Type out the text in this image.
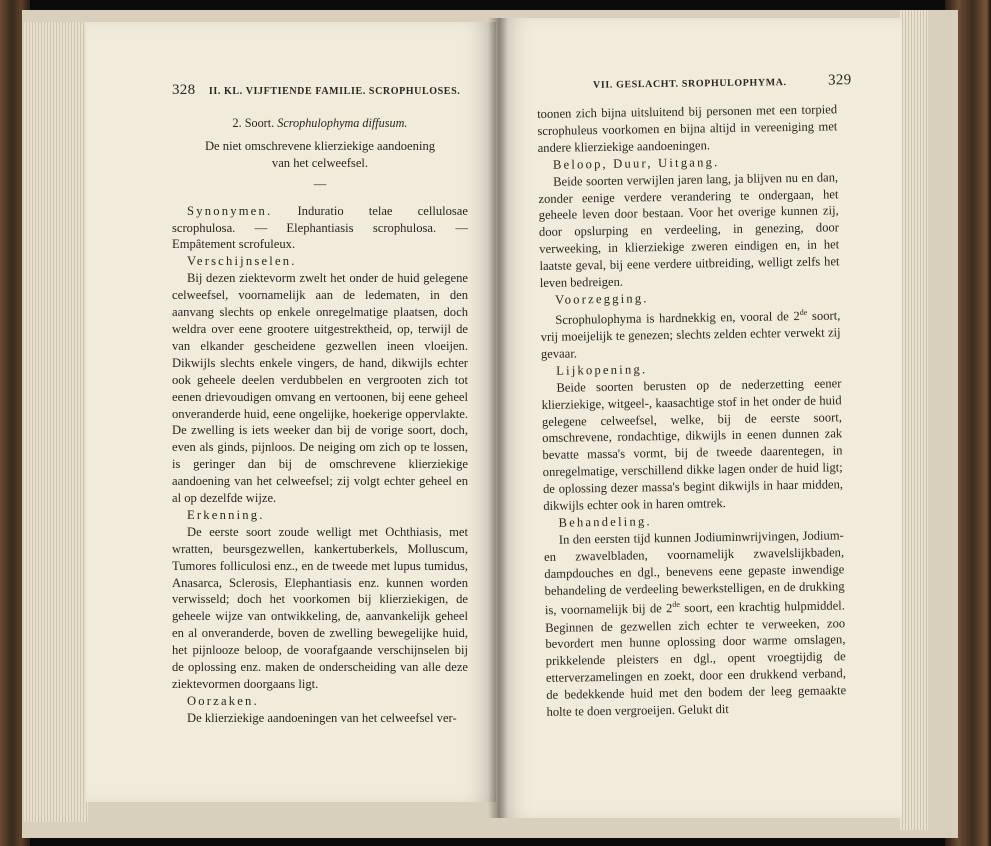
328 II. KL. VIJFTIENDE FAMILIE. SCROPHULOSES.

2. Soort. Scrophulophyma diffusum.

De niet omschrevene klierziekige aandoening

van het celweefsel.

—

Synonymen. Induratio telae cellulosae scrophulosa. — Elephantiasis scrophulosa. — Empâtement scrofuleux.

Verschijnselen.

Bij dezen ziektevorm zwelt het onder de huid gelegene celweefsel, voornamelijk aan de ledematen, in den aanvang slechts op enkele onregelmatige plaatsen, doch weldra over eene grootere uitgestrektheid, op, terwijl de van elkander gescheidene gezwellen ineen vloeijen. Dikwijls slechts enkele vingers, de hand, dikwijls echter ook geheele deelen verdubbelen en vergrooten zich tot eenen drievoudigen omvang en vertoonen, bij eene geheel onveranderde huid, eene ongelijke, hoekerige oppervlakte. De zwelling is iets weeker dan bij de vorige soort, doch, even als ginds, pijnloos. De neiging om zich op te lossen, is geringer dan bij de omschrevene klierziekige aandoening van het celweefsel; zij volgt echter geheel en al op dezelfde wijze.

Erkenning.

De eerste soort zoude welligt met Ochthiasis, met wratten, beursgezwellen, kankertuberkels, Molluscum, Tumores folliculosi enz., en de tweede met lupus tumidus, Anasarca, Sclerosis, Elephantiasis enz. kunnen worden verwisseld; doch het voorkomen bij klierziekigen, de geheele wijze van ontwikkeling, de, aanvankelijk geheel en al onveranderde, boven de zwelling bewegelijke huid, het pijnlooze beloop, de voorafgaande verschijnselen bij de oplossing enz. maken de onderscheiding van alle deze ziektevormen doorgaans ligt.

Oorzaken.

De klierziekige aandoeningen van het celweefsel ver-

VII. GESLACHT. SROPHULOPHYMA.	329

toonen zich bijna uitsluitend bij personen met een torpied scrophuleus voorkomen en bijna altijd in vereeniging met andere klierziekige aandoeningen.

Beloop, Duur, Uitgang.

Beide soorten verwijlen jaren lang, ja blijven nu en dan, zonder eenige verdere verandering te ondergaan, het geheele leven door bestaan. Voor het overige kunnen zij, door opslurping en verdeeling, in genezing, door verweeking, in klierziekige zweren eindigen en, in het laatste geval, bij eene verdere uitbreiding, welligt zelfs het leven bedreigen.

Voorzegging.

Scrophulophyma is hardnekkig en, vooral de 2de soort, vrij moeijelijk te genezen; slechts zelden echter verwekt zij gevaar.

Lijkopening.

Beide soorten berusten op de nederzetting eener klierziekige, witgeel-, kaasachtige stof in het onder de huid gelegene celweefsel, welke, bij de eerste soort, omschrevene, rondachtige, dikwijls in eenen dunnen zak bevatte massa's vormt, bij de tweede daarentegen, in onregelmatige, verschillend dikke lagen onder de huid ligt; de oplossing dezer massa's begint dikwijls in haar midden, dikwijls echter ook in haren omtrek.

Behandeling.

In den eersten tijd kunnen Jodiuminwrijvingen, Jodium- en zwavelbladen, voornamelijk zwavelslijkbaden, dampdouches en dgl., benevens eene gepaste inwendige behandeling de verdeeling bewerkstelligen, en de drukking is, voornamelijk bij de 2de soort, een krachtig hulpmiddel. Beginnen de gezwellen zich echter te verweeken, zoo bevordert men hunne oplossing door warme omslagen, prikkelende pleisters en dgl., opent vroegtijdig de etterverzamelingen en zoekt, door een drukkend verband, de bedekkende huid met den bodem der leeg gemaakte holte te doen vergroeijen. Gelukt dit
